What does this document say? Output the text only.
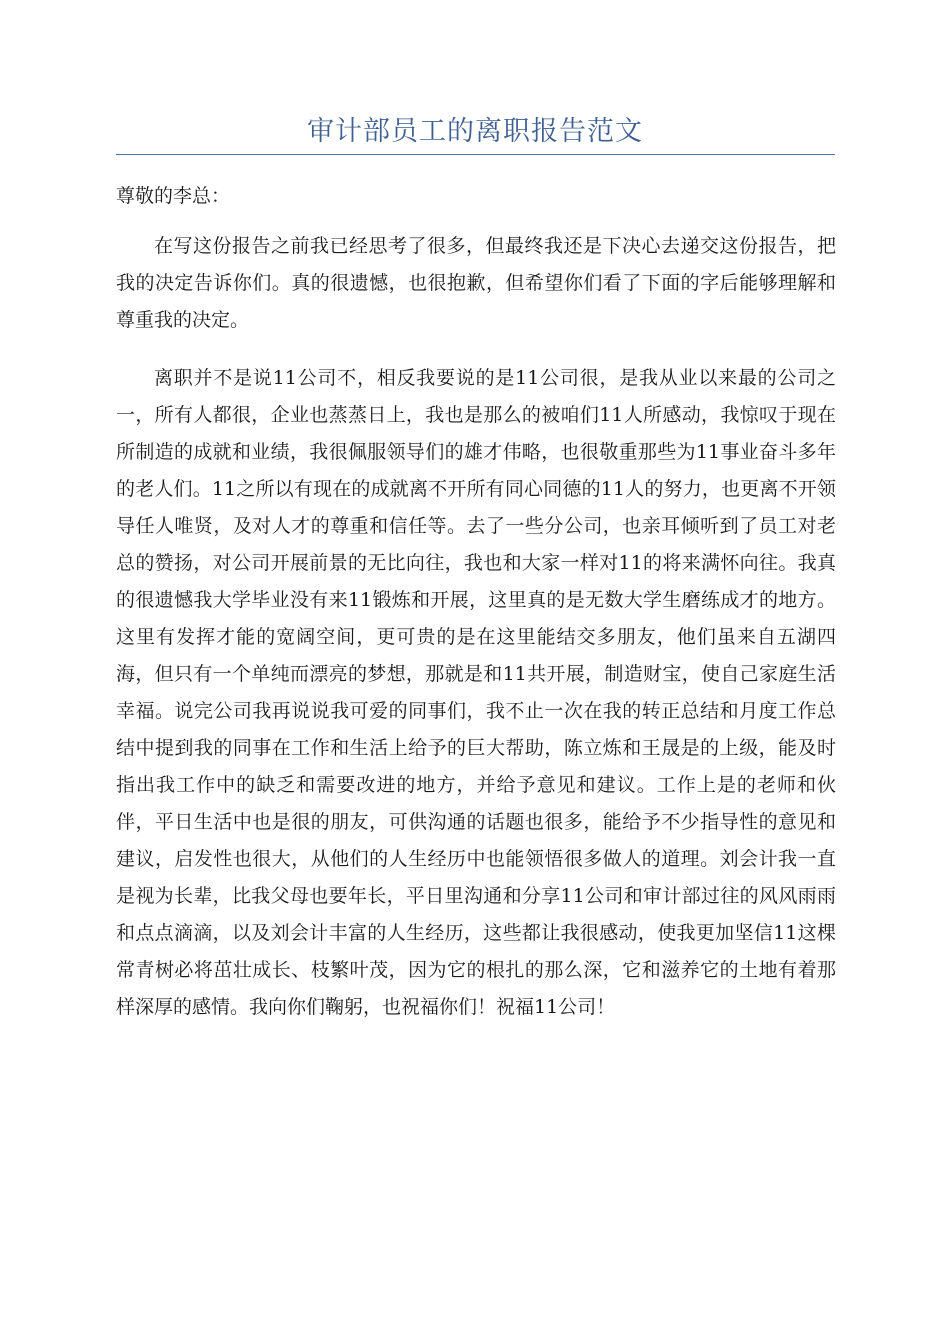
审计部员工的离职报告范文
尊敬的李总：
在写这份报告之前我已经思考了很多，但最终我还是下决心去递交这份报告，把我的决定告诉你们。真的很遗憾，也很抱歉，但希望你们看了下面的字后能够理解和尊重我的决定。
离职并不是说11公司不，相反我要说的是11公司很，是我从业以来最的公司之一，所有人都很，企业也蒸蒸日上，我也是那么的被咱们11人所感动，我惊叹于现在所制造的成就和业绩，我很佩服领导们的雄才伟略，也很敬重那些为11事业奋斗多年的老人们。11之所以有现在的成就离不开所有同心同德的11人的努力，也更离不开领导任人唯贤，及对人才的尊重和信任等。去了一些分公司，也亲耳倾听到了员工对老总的赞扬，对公司开展前景的无比向往，我也和大家一样对11的将来满怀向往。我真的很遗憾我大学毕业没有来11锻炼和开展，这里真的是无数大学生磨练成才的地方。这里有发挥才能的宽阔空间，更可贵的是在这里能结交多朋友，他们虽来自五湖四海，但只有一个单纯而漂亮的梦想，那就是和11共开展，制造财宝，使自己家庭生活幸福。说完公司我再说说我可爱的同事们，我不止一次在我的转正总结和月度工作总结中提到我的同事在工作和生活上给予的巨大帮助，陈立炼和王晟是的上级，能及时指出我工作中的缺乏和需要改进的地方，并给予意见和建议。工作上是的老师和伙伴，平日生活中也是很的朋友，可供沟通的话题也很多，能给予不少指导性的意见和建议，启发性也很大，从他们的人生经历中也能领悟很多做人的道理。刘会计我一直是视为长辈，比我父母也要年长，平日里沟通和分享11公司和审计部过往的风风雨雨和点点滴滴，以及刘会计丰富的人生经历，这些都让我很感动，使我更加坚信11这棵常青树必将茁壮成长、枝繁叶茂，因为它的根扎的那么深，它和滋养它的土地有着那样深厚的感情。我向你们鞠躬，也祝福你们！祝福11公司！
